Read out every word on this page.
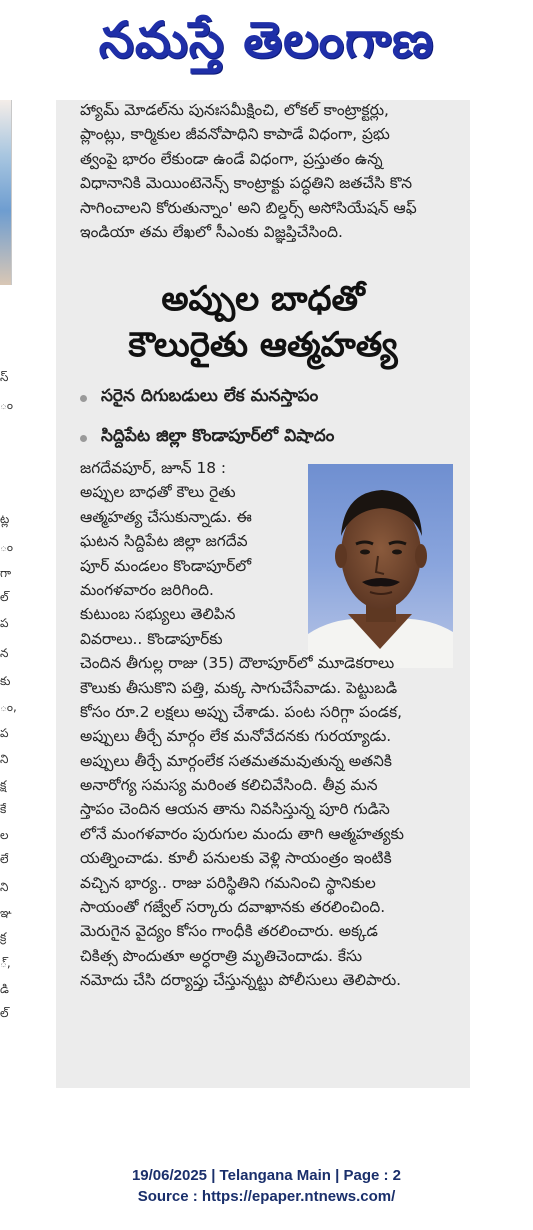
నమస్తే తెలంగాణ
స్
ం
ట్ల
ం
గా
ల్
ప
న
కు
ం,
ప
ని
క్ష
కే
ల
లే
ని
ఞ
క్ర
్,
డి
ల్
హ్యామ్ మోడల్‌ను పునఃసమీక్షించి, లోకల్ కాంట్రాక్టర్లు,
ప్లాంట్లు, కార్మికుల జీవనోపాధిని కాపాడే విధంగా, ప్రభు
త్వంపై భారం లేకుండా ఉండే విధంగా, ప్రస్తుతం ఉన్న
విధానానికి మెయింటెనెన్స్ కాంట్రాక్టు పద్ధతిని జతచేసి కొన
సాగించాలని కోరుతున్నాం' అని బిల్డర్స్ అసోసియేషన్ ఆఫ్
ఇండియా తమ లేఖలో సీఎంకు విజ్ఞప్తిచేసింది.
అప్పుల బాధతో
కౌలురైతు ఆత్మహత్య
సరైన దిగుబడులు లేక మనస్తాపం
సిద్దిపేట జిల్లా కొండాపూర్‌లో విషాదం
జగదేవపూర్, జూన్ 18 :
అప్పుల బాధతో కౌలు రైతు
ఆత్మహత్య చేసుకున్నాడు. ఈ
ఘటన సిద్దిపేట జిల్లా జగదేవ
పూర్ మండలం కొండాపూర్‌లో
మంగళవారం జరిగింది.
కుటుంబ సభ్యులు తెలిపిన
వివరాలు.. కొండాపూర్‌కు
చెందిన తీగుల్ల రాజు (35) దౌలాపూర్‌లో మూడెకరాలు
కౌలుకు తీసుకొని పత్తి, మక్క సాగుచేసేవాడు. పెట్టుబడి
కోసం రూ.2 లక్షలు అప్పు చేశాడు. పంట సరిగ్గా పండక,
అప్పులు తీర్చే మార్గం లేక మనోవేదనకు గురయ్యాడు.
అప్పులు తీర్చే మార్గంలేక సతమతమవుతున్న అతనికి
అనారోగ్య సమస్య మరింత కలిచివేసింది. తీవ్ర మన
స్తాపం చెందిన ఆయన తాను నివసిస్తున్న పూరి గుడిసె
లోనే మంగళవారం పురుగుల మందు తాగి ఆత్మహత్యకు
యత్నించాడు. కూలీ పనులకు వెళ్లి సాయంత్రం ఇంటికి
వచ్చిన భార్య.. రాజు పరిస్థితిని గమనించి స్థానికుల
సాయంతో గజ్వేల్ సర్కారు దవాఖానకు తరలించింది.
మెరుగైన వైద్యం కోసం గాంధీకి తరలించారు. అక్కడ
చికిత్స పొందుతూ అర్ధరాత్రి మృతిచెందాడు. కేసు
నమోదు చేసి దర్యాప్తు చేస్తున్నట్టు పోలీసులు తెలిపారు.
19/06/2025 | Telangana Main | Page : 2
Source : https://epaper.ntnews.com/
